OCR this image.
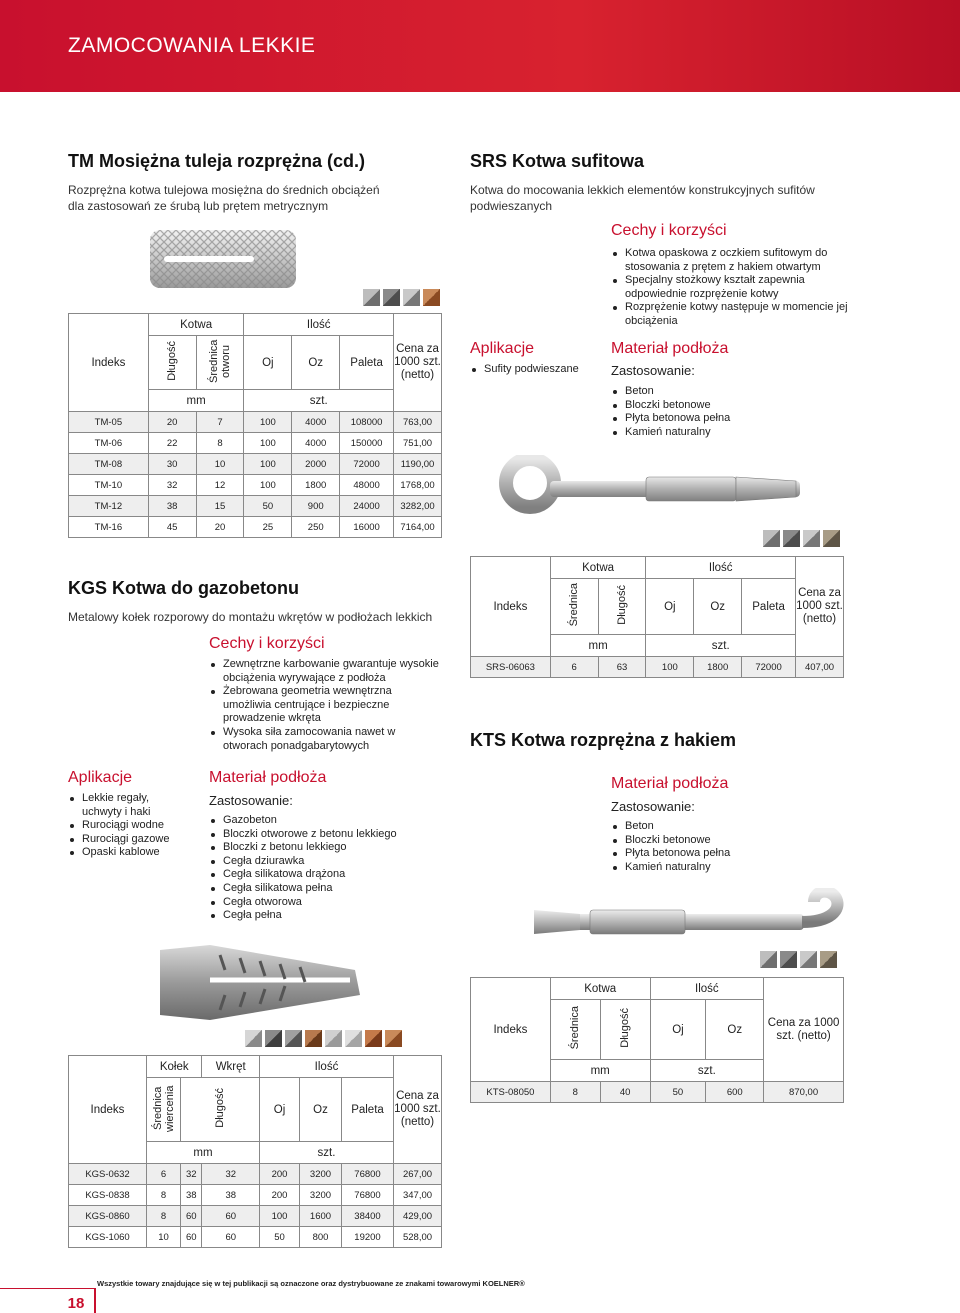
ZAMOCOWANIA LEKKIE
TM Mosiężna tuleja rozprężna (cd.)
Rozprężna kotwa tulejowa mosiężna do średnich obciążeń dla zastosowań ze śrubą lub prętem metrycznym
Indeks	Kotwa		Ilość			Cena za 1000 szt. (netto)
	Długość	Średnica otworu	Oj	Oz	Paleta	
	mm		szt.			
TM-05	20	7	100	4000	108000	763,00
TM-06	22	8	100	4000	150000	751,00
TM-08	30	10	100	2000	72000	1190,00
TM-10	32	12	100	1800	48000	1768,00
TM-12	38	15	50	900	24000	3282,00
TM-16	45	20	25	250	16000	7164,00
SRS Kotwa sufitowa
Kotwa do mocowania lekkich elementów konstrukcyjnych sufitów podwieszanych
Cechy i korzyści
Kotwa opaskowa z oczkiem sufitowym do stosowania z prętem z hakiem otwartym
Specjalny stożkowy kształt zapewnia odpowiednie rozprężenie kotwy
Rozprężenie kotwy następuje w momencie jej obciążenia
Aplikacje
Sufity podwieszane
Materiał podłoża
Zastosowanie:
Beton
Bloczki betonowe
Płyta betonowa pełna
Kamień naturalny
Indeks	Kotwa		Ilość			Cena za 1000 szt. (netto)
	Średnica	Długość	Oj	Oz	Paleta	
	mm		szt.			
SRS-06063	6	63	100	1800	72000	407,00
KGS Kotwa do gazobetonu
Metalowy kołek rozporowy do montażu wkrętów w podłożach lekkich
Cechy i korzyści
Zewnętrzne karbowanie gwarantuje wysokie obciążenia wyrywające z podłoża
Żebrowana geometria wewnętrzna umożliwia centrujące i bezpieczne prowadzenie wkręta
Wysoka siła zamocowania nawet w otworach ponadgabarytowych
Aplikacje
Lekkie regały, uchwyty i haki
Rurociągi wodne
Rurociągi gazowe
Opaski kablowe
Materiał podłoża
Zastosowanie:
Gazobeton
Bloczki otworowe z betonu lekkiego
Bloczki z betonu lekkiego
Cegła dziurawka
Cegła silikatowa drążona
Cegła silikatowa pełna
Cegła otworowa
Cegła pełna
Indeks	Kołek		Wkręt	Ilość			Cena za 1000 szt. (netto)
	Średnica wiercenia	Długość		Oj	Oz	Paleta	
	mm			szt.			
KGS-0632	6	32	32	200	3200	76800	267,00
KGS-0838	8	38	38	200	3200	76800	347,00
KGS-0860	8	60	60	100	1600	38400	429,00
KGS-1060	10	60	60	50	800	19200	528,00
KTS Kotwa rozprężna z hakiem
Materiał podłoża
Zastosowanie:
Beton
Bloczki betonowe
Płyta betonowa pełna
Kamień naturalny
Indeks	Kotwa		Ilość		Cena za 1000 szt. (netto)
	Średnica	Długość	Oj	Oz	
	mm		szt.		
KTS-08050	8	40	50	600	870,00
Wszystkie towary znajdujące się w tej publikacji są oznaczone oraz dystrybuowane ze znakami towarowymi KOELNER®
18
